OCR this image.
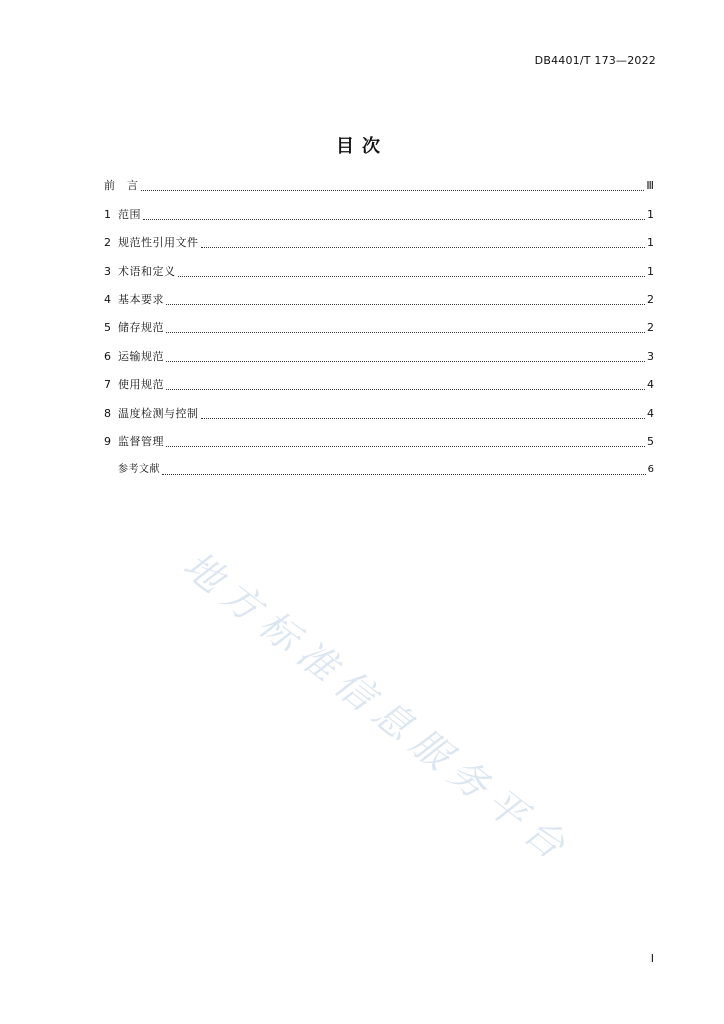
DB4401/T 173—2022
目次
前　言	Ⅲ
1 范围	1
2 规范性引用文件	1
3 术语和定义	1
4 基本要求	2
5 储存规范	2
6 运输规范	3
7 使用规范	4
8 温度检测与控制	4
9 监督管理	5
参考文献	6
地方标准信息服务平台
I
